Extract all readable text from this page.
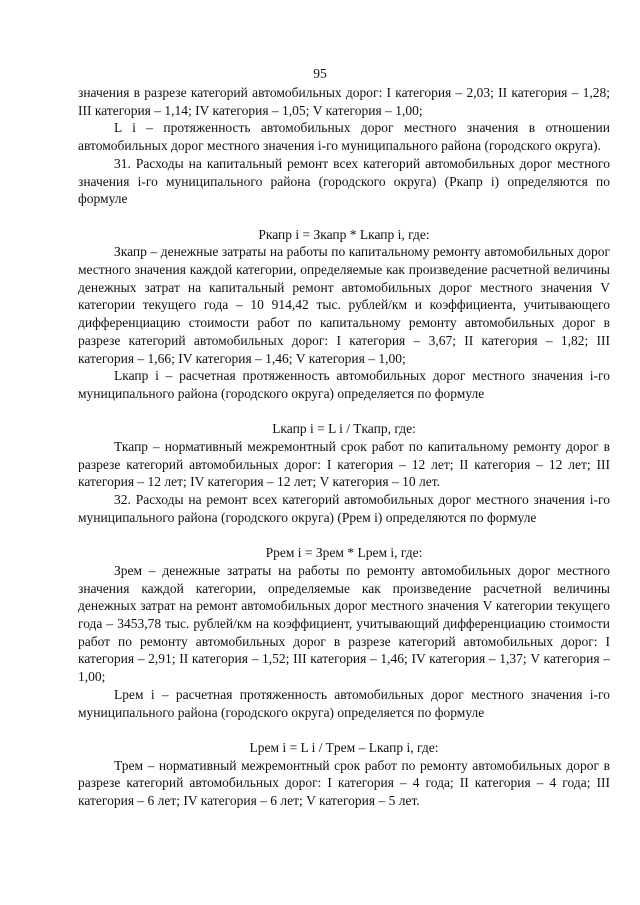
95

значения в разрезе категорий автомобильных дорог: I категория – 2,03; II категория – 1,28; III категория – 1,14; IV категория – 1,05; V категория – 1,00;

L i – протяженность автомобильных дорог местного значения в отношении автомобильных дорог местного значения i-го муниципального района (городского округа).

31. Расходы на капитальный ремонт всех категорий автомобильных дорог местного значения i-го муниципального района (городского округа) (Ркапр i) определяются по формуле

Ркапр i = Зкапр * Lкапр i, где:

Зкапр – денежные затраты на работы по капитальному ремонту автомобильных дорог местного значения каждой категории, определяемые как произведение расчетной величины денежных затрат на капитальный ремонт автомобильных дорог местного значения V категории текущего года – 10 914,42 тыс. рублей/км и коэффициента, учитывающего дифференциацию стоимости работ по капитальному ремонту автомобильных дорог в разрезе категорий автомобильных дорог: I категория – 3,67; II категория – 1,82; III категория – 1,66; IV категория – 1,46; V категория – 1,00;

Lкапр i – расчетная протяженность автомобильных дорог местного значения i-го муниципального района (городского округа) определяется по формуле

Lкапр i = L i / Tкапр, где:

Ткапр – нормативный межремонтный срок работ по капитальному ремонту дорог в разрезе категорий автомобильных дорог: I категория – 12 лет; II категория – 12 лет; III категория – 12 лет; IV категория – 12 лет; V категория – 10 лет.

32. Расходы на ремонт всех категорий автомобильных дорог местного значения i-го муниципального района (городского округа) (Ррем i) определяются по формуле

Ррем i = Зрем * Lрем i, где:

Зрем – денежные затраты на работы по ремонту автомобильных дорог местного значения каждой категории, определяемые как произведение расчетной величины денежных затрат на ремонт автомобильных дорог местного значения V категории текущего года – 3453,78 тыс. рублей/км на коэффициент, учитывающий дифференциацию стоимости работ по ремонту автомобильных дорог в разрезе категорий автомобильных дорог: I категория – 2,91; II категория – 1,52; III категория – 1,46; IV категория – 1,37; V категория – 1,00;

Lрем i – расчетная протяженность автомобильных дорог местного значения i-го муниципального района (городского округа) определяется по формуле

Lрем i = L i / Tрем – Lкапр i, где:

Трем – нормативный межремонтный срок работ по ремонту автомобильных дорог в разрезе категорий автомобильных дорог: I категория – 4 года; II категория – 4 года; III категория – 6 лет; IV категория – 6 лет; V категория – 5 лет.
